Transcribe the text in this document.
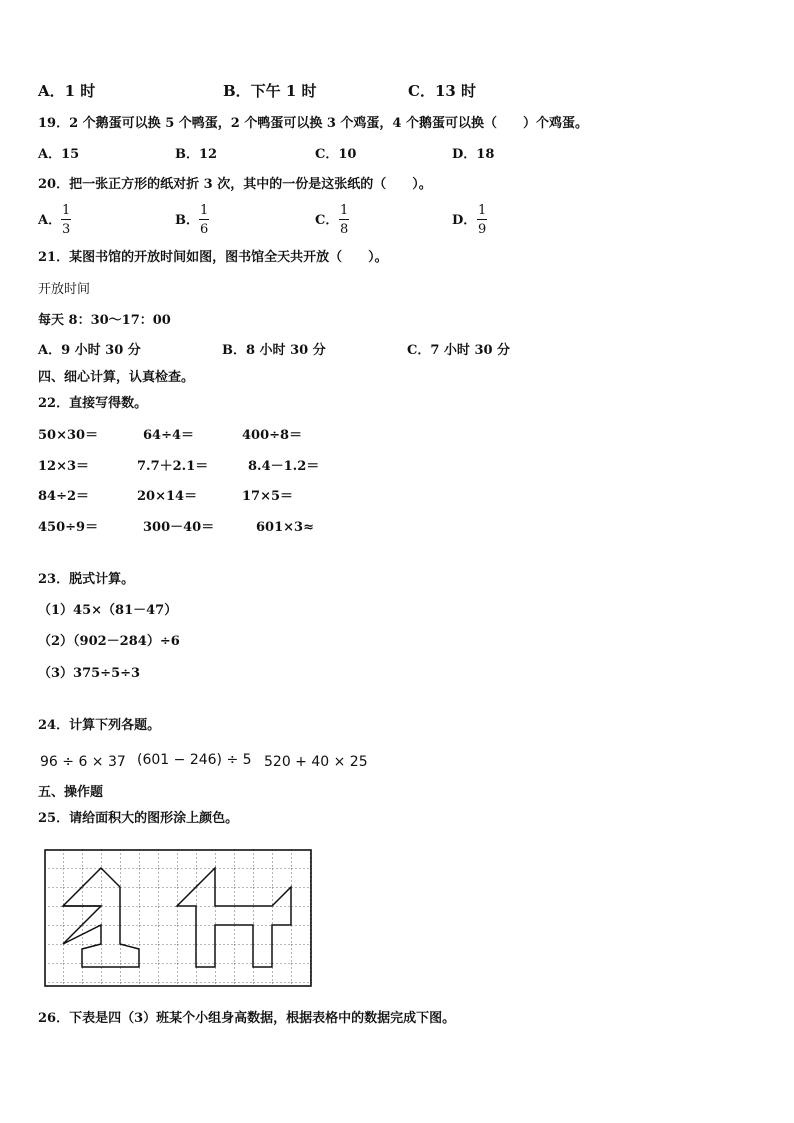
A．1 时	B．下午 1 时	C．13 时
19．2 个鹅蛋可以换 5 个鸭蛋，2 个鸭蛋可以换 3 个鸡蛋，4 个鹅蛋可以换（　　）个鸡蛋。
A．15	B．12	C．10	D．18
20．把一张正方形的纸对折 3 次，其中的一份是这张纸的（　　）。
A．
1
3
B．
1
6
C．
1
8
D．
1
9
21．某图书馆的开放时间如图，图书馆全天共开放（　　）。
开放时间
每天 8：30～17：00
A．9 小时 30 分	B．8 小时 30 分	C．7 小时 30 分
四、细心计算，认真检查。
22．直接写得数。
50×30＝	64÷4＝	400÷8＝
12×3＝	7.7＋2.1＝	8.4－1.2＝
84÷2＝	20×14＝	17×5＝
450÷9＝	300－40＝	601×3≈
23．脱式计算。
（1）45×（81－47）
（2）（902－284）÷6
（3）375÷5÷3
24．计算下列各题。
96 ÷ 6 × 37 (601 − 246) ÷ 5 520 + 40 × 25
五、操作题
25．请给面积大的图形涂上颜色。
26．下表是四（3）班某个小组身高数据，根据表格中的数据完成下图。
